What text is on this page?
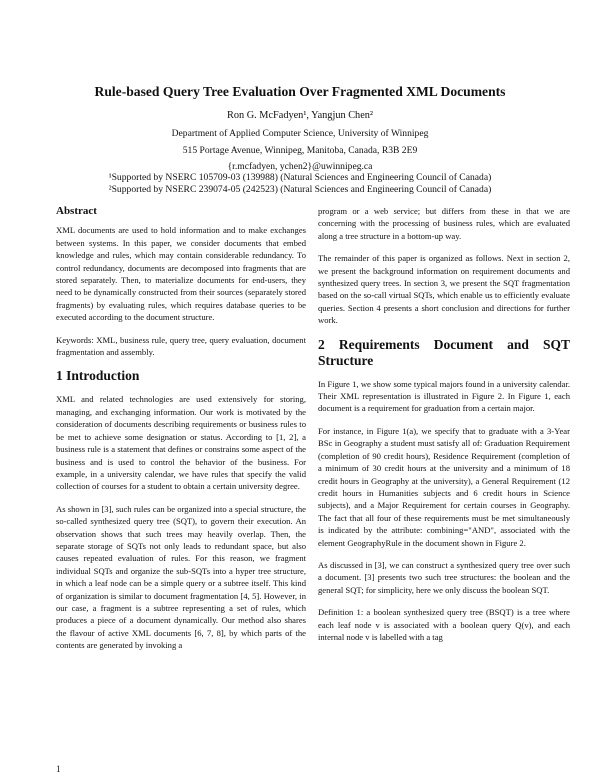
Rule-based Query Tree Evaluation Over Fragmented XML Documents

Ron G. McFadyen¹, Yangjun Chen²

Department of Applied Computer Science, University of Winnipeg

515 Portage Avenue, Winnipeg, Manitoba, Canada, R3B 2E9

{r.mcfadyen, ychen2}@uwinnipeg.ca

¹Supported by NSERC 105709-03 (139988) (Natural Sciences and Engineering Council of Canada)

²Supported by NSERC 239074-05 (242523) (Natural Sciences and Engineering Council of Canada)

Abstract

XML documents are used to hold information and to make exchanges between systems. In this paper, we consider documents that embed knowledge and rules, which may contain considerable redundancy. To control redundancy, documents are decomposed into fragments that are stored separately. Then, to materialize documents for end-users, they need to be dynamically constructed from their sources (separately stored fragments) by evaluating rules, which requires database queries to be executed according to the document structure.

Keywords: XML, business rule, query tree, query evaluation, document fragmentation and assembly.

1 Introduction

XML and related technologies are used extensively for storing, managing, and exchanging information. Our work is motivated by the consideration of documents describing requirements or business rules to be met to achieve some designation or status. According to [1, 2], a business rule is a statement that defines or constrains some aspect of the business and is used to control the behavior of the business. For example, in a university calendar, we have rules that specify the valid collection of courses for a student to obtain a certain university degree.

As shown in [3], such rules can be organized into a special structure, the so-called synthesized query tree (SQT), to govern their execution. An observation shows that such trees may heavily overlap. Then, the separate storage of SQTs not only leads to redundant space, but also causes repeated evaluation of rules. For this reason, we fragment individual SQTs and organize the sub-SQTs into a hyper tree structure, in which a leaf node can be a simple query or a subtree itself. This kind of organization is similar to document fragmentation [4, 5]. However, in our case, a fragment is a subtree representing a set of rules, which produces a piece of a document dynamically. Our method also shares the flavour of active XML documents [6, 7, 8], by which parts of the contents are generated by invoking a

program or a web service; but differs from these in that we are concerning with the processing of business rules, which are evaluated along a tree structure in a bottom-up way.

The remainder of this paper is organized as follows. Next in section 2, we present the background information on requirement documents and synthesized query trees. In section 3, we present the SQT fragmentation based on the so-call virtual SQTs, which enable us to efficiently evaluate queries. Section 4 presents a short conclusion and directions for further work.

2 Requirements Document and SQT Structure

In Figure 1, we show some typical majors found in a university calendar. Their XML representation is illustrated in Figure 2. In Figure 1, each document is a requirement for graduation from a certain major.

For instance, in Figure 1(a), we specify that to graduate with a 3-Year BSc in Geography a student must satisfy all of: Graduation Requirement (completion of 90 credit hours), Residence Requirement (completion of a minimum of 30 credit hours at the university and a minimum of 18 credit hours in Geography at the university), a General Requirement (12 credit hours in Humanities subjects and 6 credit hours in Science subjects), and a Major Requirement for certain courses in Geography. The fact that all four of these requirements must be met simultaneously is indicated by the attribute: combining="AND", associated with the element GeographyRule in the document shown in Figure 2.

As discussed in [3], we can construct a synthesized query tree over such a document. [3] presents two such tree structures: the boolean and the general SQT; for simplicity, here we only discuss the boolean SQT.

Definition 1: a boolean synthesized query tree (BSQT) is a tree where each leaf node v is associated with a boolean query Q(v), and each internal node v is labelled with a tag

1
